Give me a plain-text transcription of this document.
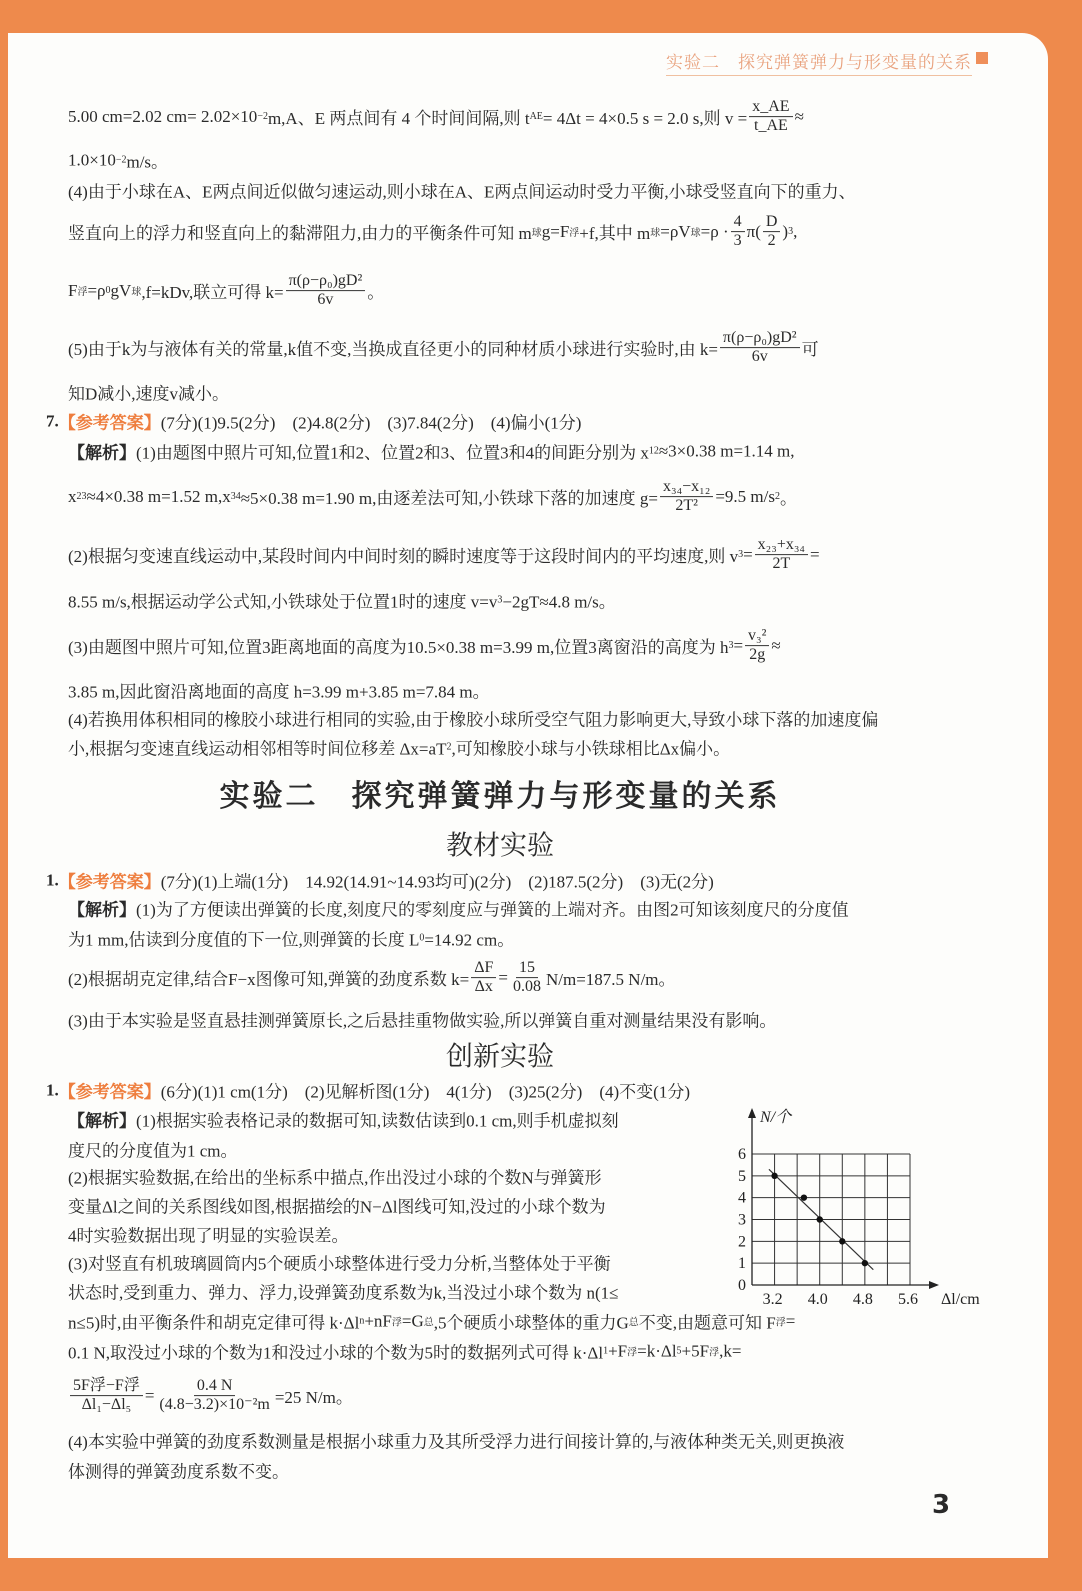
实验二　探究弹簧弹力与形变量的关系
5.00 cm=2.02 cm= 2.02×10 −2 m,A、E 两点间有 4 个时间间隔,则 t AE = 4Δt = 4×0.5 s = 2.0 s,则 $v = \frac{x\_AE}{t\_AE}$ ≈
1.0×10 −2 m/s。
(4)由于小球在A、E两点间近似做匀速运动,则小球在A、E两点间运动时受力平衡,小球受竖直向下的重力、
竖直向上的浮力和竖直向上的黏滞阻力,由力的平衡条件可知 m 球 g=F 浮 +f,其中 m 球 =ρV 球 $=\rho \cdot \frac{4}{3} \pi( \frac{D}{2}$ ) 3 ,
F 浮 =ρ 0 gV 球 ,f=kDv,联立可得 $k= \frac{\text{π(ρ−ρ₀)gD²}}{6v}$ 。
(5)由于k为与液体有关的常量,k值不变,当换成直径更小的同种材质小球进行实验时,由 $k= \frac{\text{π(ρ−ρ₀)gD²}}{6v}$ 可
知D减小,速度v减小。
7. 【参考答案】 (7分)(1)9.5(2分)　(2)4.8(2分)　(3)7.84(2分)　(4)偏小(1分)
【解析】 (1)由题图中照片可知,位置1和2、位置2和3、位置3和4的间距分别为 x 12 ≈3×0.38 m=1.14 m,
x 23 ≈4×0.38 m=1.52 m,x 34 ≈5×0.38 m=1.90 m,由逐差法可知,小铁球下落的加速度 $g= \frac{\text{x₃₄−x₁₂}}{\text{2T²}} =9.5$ m/s 2 。
(2)根据匀变速直线运动中,某段时间内中间时刻的瞬时速度等于这段时间内的平均速度,则 v $3 = \frac{\text{x₂₃+x₃₄}}{2T}$ =
8.55 m/s,根据运动学公式知,小铁球处于位置1时的速度 v=v 3 −2gT≈4.8 m/s。
(3)由题图中照片可知,位置3距离地面的高度为10.5×0.38 m=3.99 m,位置3离窗沿的高度为 h $3 = \frac{\text{v₃²}}{2g}$ ≈
3.85 m,因此窗沿离地面的高度 h=3.99 m+3.85 m=7.84 m。
(4)若换用体积相同的橡胶小球进行相同的实验,由于橡胶小球所受空气阻力影响更大,导致小球下落的加速度偏
小,根据匀变速直线运动相邻相等时间位移差 Δx=aT 2 ,可知橡胶小球与小铁球相比Δx偏小。
1. 【参考答案】 (7分)(1)上端(1分)　14.92(14.91~14.93均可)(2分)　(2)187.5(2分)　(3)无(2分)
【解析】 (1)为了方便读出弹簧的长度,刻度尺的零刻度应与弹簧的上端对齐。由图2可知该刻度尺的分度值
为1 mm,估读到分度值的下一位,则弹簧的长度 L 0 =14.92 cm。
(2)根据胡克定律,结合F−x图像可知,弹簧的劲度系数 $k= \frac{\Delta F}{\Delta x} = \frac{15}{0.08} N/m=187.5$ N/m。
(3)由于本实验是竖直悬挂测弹簧原长,之后悬挂重物做实验,所以弹簧自重对测量结果没有影响。
1. 【参考答案】 (6分)(1)1 cm(1分)　(2)见解析图(1分)　4(1分)　(3)25(2分)　(4)不变(1分)
【解析】 (1)根据实验表格记录的数据可知,读数估读到0.1 cm,则手机虚拟刻
度尺的分度值为1 cm。
(2)根据实验数据,在给出的坐标系中描点,作出没过小球的个数N与弹簧形
变量Δl之间的关系图线如图,根据描绘的N−Δl图线可知,没过的小球个数为
4时实验数据出现了明显的实验误差。
(3)对竖直有机玻璃圆筒内5个硬质小球整体进行受力分析,当整体处于平衡
状态时,受到重力、弹力、浮力,设弹簧劲度系数为k,当没过小球个数为 n(1≤
n≤5)时,由平衡条件和胡克定律可得 k·Δl n +nF 浮 =G 总 ,5个硬质小球整体的重力G 总 不变,由题意可知 F 浮 =
0.1 N,取没过小球的个数为1和没过小球的个数为5时的数据列式可得 k·Δl 1 +F 浮 =k·Δl 5 +5F 浮 ,k=
5F浮−F浮
$\Delta l_1-\Delta l_5 = \frac{0.4 N}{\text{(4.8−3.2)×10⁻²m}} =25$ N/m。
(4)本实验中弹簧的劲度系数测量是根据小球重力及其所受浮力进行间接计算的,与液体种类无关,则更换液
体测得的弹簧劲度系数不变。
实验二　探究弹簧弹力与形变量的关系
教材实验
创新实验
0
1
2
3
4
5
6
3.2 4.0 4.8 5.6
N/个
Δl/cm
3
